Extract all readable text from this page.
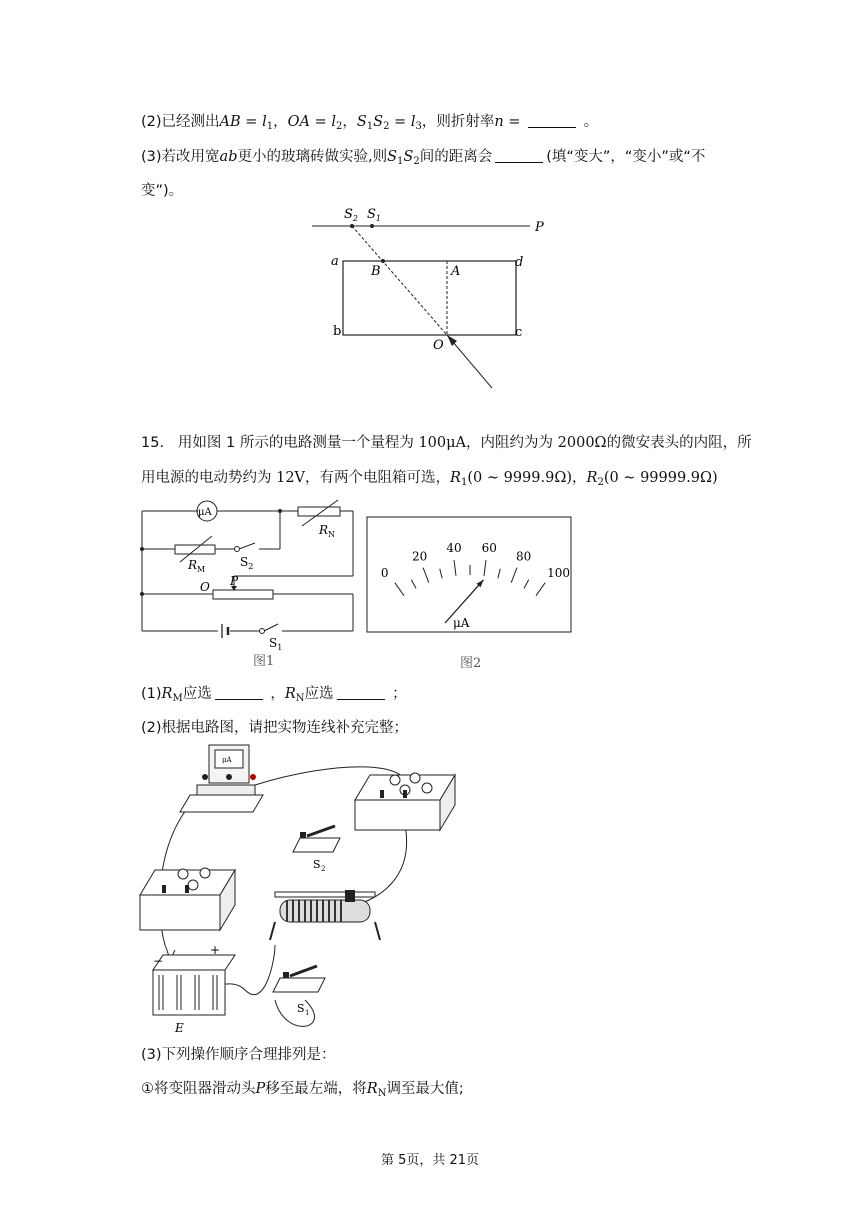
(2)已经测出AB = $l_1$，OA = $l_2$，$S_1S_2 = l_3$，则折射率n =	。
(3)若改用宽ab更小的玻璃砖做实验,则$S_1S_2$间的距离会	(填“变大”，“变小”或“不
变”)。
$S_2$ $S_1$
P
a	d
b	c
B	A
O
15. 用如图 1 所示的电路测量一个量程为 100μA，内阻约为为 2000Ω的微安表头的内阻，所
用电源的电动势约为 12V，有两个电阻箱可选，$R_1(0$ ~ 9999.9Ω)，$R_2(0$ ~ 99999.9Ω)
μA
$R_N$
$R_M$
$S_2$
P
O
$S_1$
图1
0
20
40 60
80
100
μA
图2
$(1)R_M$应选	，$R_N$应选	；
(2)根据电路图，请把实物连线补充完整；
μA
S 2
−
+
E
S 1
(3)下列操作顺序合理排列是：
①将变阻器滑动头P移至最左端，将$R_N$调至最大值;
第 5页，共 21页
